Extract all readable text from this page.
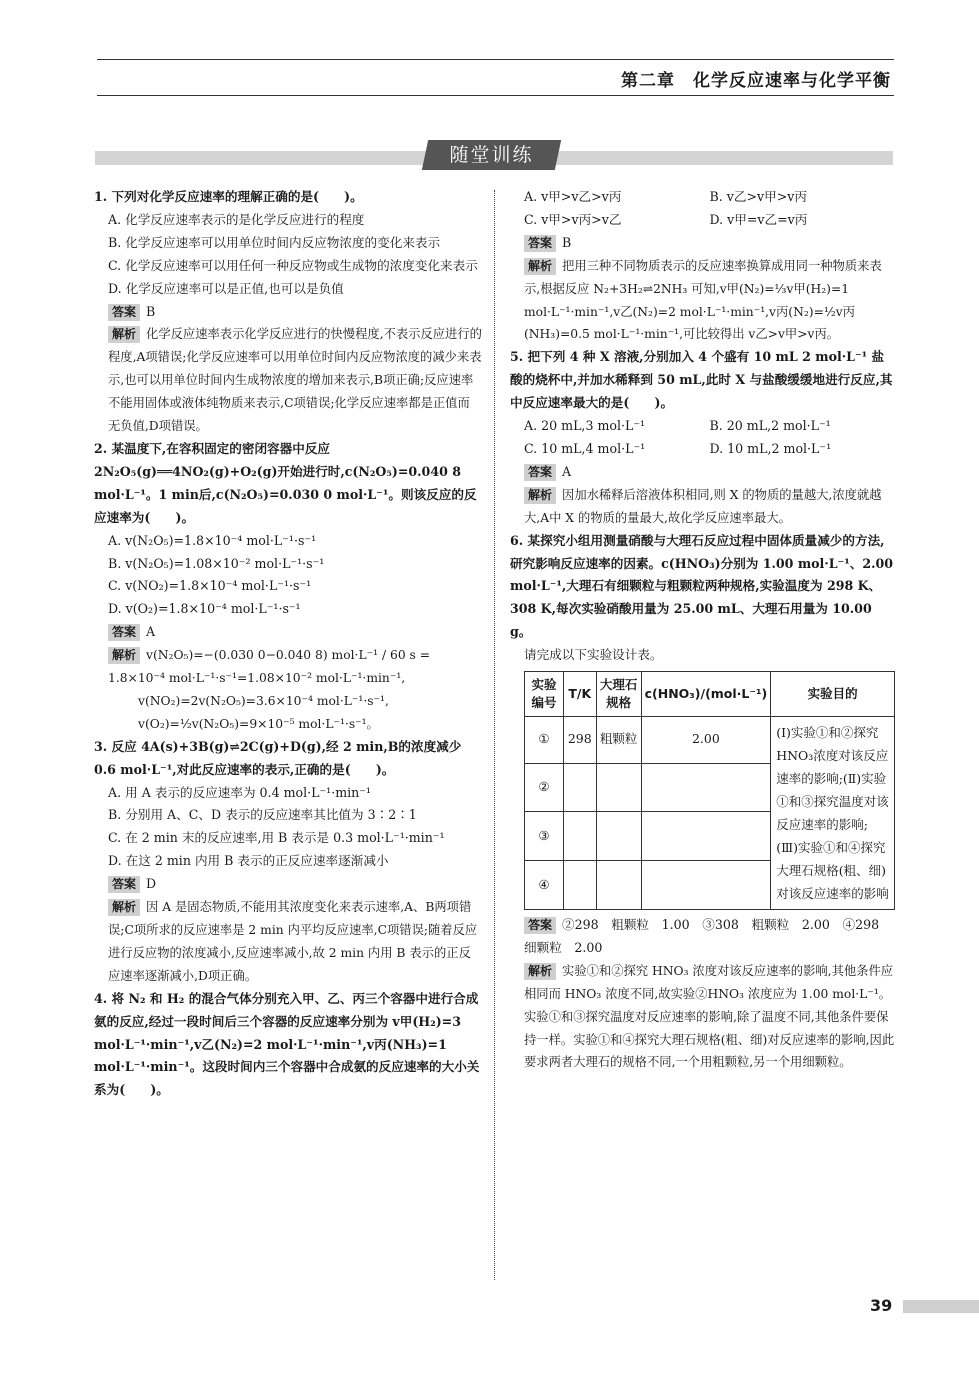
第二章　化学反应速率与化学平衡
随堂训练
1. 下列对化学反应速率的理解正确的是(　　)。
A. 化学反应速率表示的是化学反应进行的程度
B. 化学反应速率可以用单位时间内反应物浓度的变化来表示
C. 化学反应速率可以用任何一种反应物或生成物的浓度变化来表示
D. 化学反应速率可以是正值,也可以是负值
答案 B
解析 化学反应速率表示化学反应进行的快慢程度,不表示反应进行的程度,A项错误;化学反应速率可以用单位时间内反应物浓度的减少来表示,也可以用单位时间内生成物浓度的增加来表示,B项正确;反应速率不能用固体或液体纯物质来表示,C项错误;化学反应速率都是正值而无负值,D项错误。
2. 某温度下,在容积固定的密闭容器中反应 2N₂O₅(g)══4NO₂(g)+O₂(g)开始进行时,c(N₂O₅)=0.040 8 mol·L⁻¹。1 min后,c(N₂O₅)=0.030 0 mol·L⁻¹。则该反应的反应速率为(　　)。
A. v(N₂O₅)=1.8×10⁻⁴ mol·L⁻¹·s⁻¹
B. v(N₂O₅)=1.08×10⁻² mol·L⁻¹·s⁻¹
C. v(NO₂)=1.8×10⁻⁴ mol·L⁻¹·s⁻¹
D. v(O₂)=1.8×10⁻⁴ mol·L⁻¹·s⁻¹
答案 A
解析 v(N₂O₅)=−(0.030 0−0.040 8) mol·L⁻¹ / 60 s = 1.8×10⁻⁴ mol·L⁻¹·s⁻¹=1.08×10⁻² mol·L⁻¹·min⁻¹,
v(NO₂)=2v(N₂O₅)=3.6×10⁻⁴ mol·L⁻¹·s⁻¹,
v(O₂)=½v(N₂O₅)=9×10⁻⁵ mol·L⁻¹·s⁻¹。
3. 反应 4A(s)+3B(g)⇌2C(g)+D(g),经 2 min,B的浓度减少 0.6 mol·L⁻¹,对此反应速率的表示,正确的是(　　)。
A. 用 A 表示的反应速率为 0.4 mol·L⁻¹·min⁻¹
B. 分别用 A、C、D 表示的反应速率其比值为 3∶2∶1
C. 在 2 min 末的反应速率,用 B 表示是 0.3 mol·L⁻¹·min⁻¹
D. 在这 2 min 内用 B 表示的正反应速率逐渐减小
答案 D
解析 因 A 是固态物质,不能用其浓度变化来表示速率,A、B两项错误;C项所求的反应速率是 2 min 内平均反应速率,C项错误;随着反应进行反应物的浓度减小,反应速率减小,故 2 min 内用 B 表示的正反应速率逐渐减小,D项正确。
4. 将 N₂ 和 H₂ 的混合气体分别充入甲、乙、丙三个容器中进行合成氨的反应,经过一段时间后三个容器的反应速率分别为 v甲(H₂)=3 mol·L⁻¹·min⁻¹,v乙(N₂)=2 mol·L⁻¹·min⁻¹,v丙(NH₃)=1 mol·L⁻¹·min⁻¹。这段时间内三个容器中合成氨的反应速率的大小关系为(　　)。
A. v甲>v乙>v丙	B. v乙>v甲>v丙
C. v甲>v丙>v乙	D. v甲=v乙=v丙
答案 B
解析 把用三种不同物质表示的反应速率换算成用同一种物质来表示,根据反应 N₂+3H₂⇌2NH₃ 可知,v甲(N₂)=⅓v甲(H₂)=1 mol·L⁻¹·min⁻¹,v乙(N₂)=2 mol·L⁻¹·min⁻¹,v丙(N₂)=½v丙(NH₃)=0.5 mol·L⁻¹·min⁻¹,可比较得出 v乙>v甲>v丙。
5. 把下列 4 种 X 溶液,分别加入 4 个盛有 10 mL 2 mol·L⁻¹ 盐酸的烧杯中,并加水稀释到 50 mL,此时 X 与盐酸缓缓地进行反应,其中反应速率最大的是(　　)。
A. 20 mL,3 mol·L⁻¹	B. 20 mL,2 mol·L⁻¹
C. 10 mL,4 mol·L⁻¹	D. 10 mL,2 mol·L⁻¹
答案 A
解析 因加水稀释后溶液体积相同,则 X 的物质的量越大,浓度就越大,A中 X 的物质的量最大,故化学反应速率最大。
6. 某探究小组用测量硝酸与大理石反应过程中固体质量减少的方法,研究影响反应速率的因素。c(HNO₃)分别为 1.00 mol·L⁻¹、2.00 mol·L⁻¹,大理石有细颗粒与粗颗粒两种规格,实验温度为 298 K、308 K,每次实验硝酸用量为 25.00 mL、大理石用量为 10.00 g。
请完成以下实验设计表。
实验编号	T/K	大理石规格	c(HNO₃)/(mol·L⁻¹)	实验目的
①	298	粗颗粒	2.00	(Ⅰ)实验①和②探究HNO₃浓度对该反应速率的影响;(Ⅱ)实验①和③探究温度对该反应速率的影响;(Ⅲ)实验①和④探究大理石规格(粗、细)对该反应速率的影响
②				
③				
④				
答案 ②298　粗颗粒　1.00　③308　粗颗粒　2.00　④298　细颗粒　2.00
解析 实验①和②探究 HNO₃ 浓度对该反应速率的影响,其他条件应相同而 HNO₃ 浓度不同,故实验②HNO₃ 浓度应为 1.00 mol·L⁻¹。实验①和③探究温度对反应速率的影响,除了温度不同,其他条件要保持一样。实验①和④探究大理石规格(粗、细)对反应速率的影响,因此要求两者大理石的规格不同,一个用粗颗粒,另一个用细颗粒。
39
